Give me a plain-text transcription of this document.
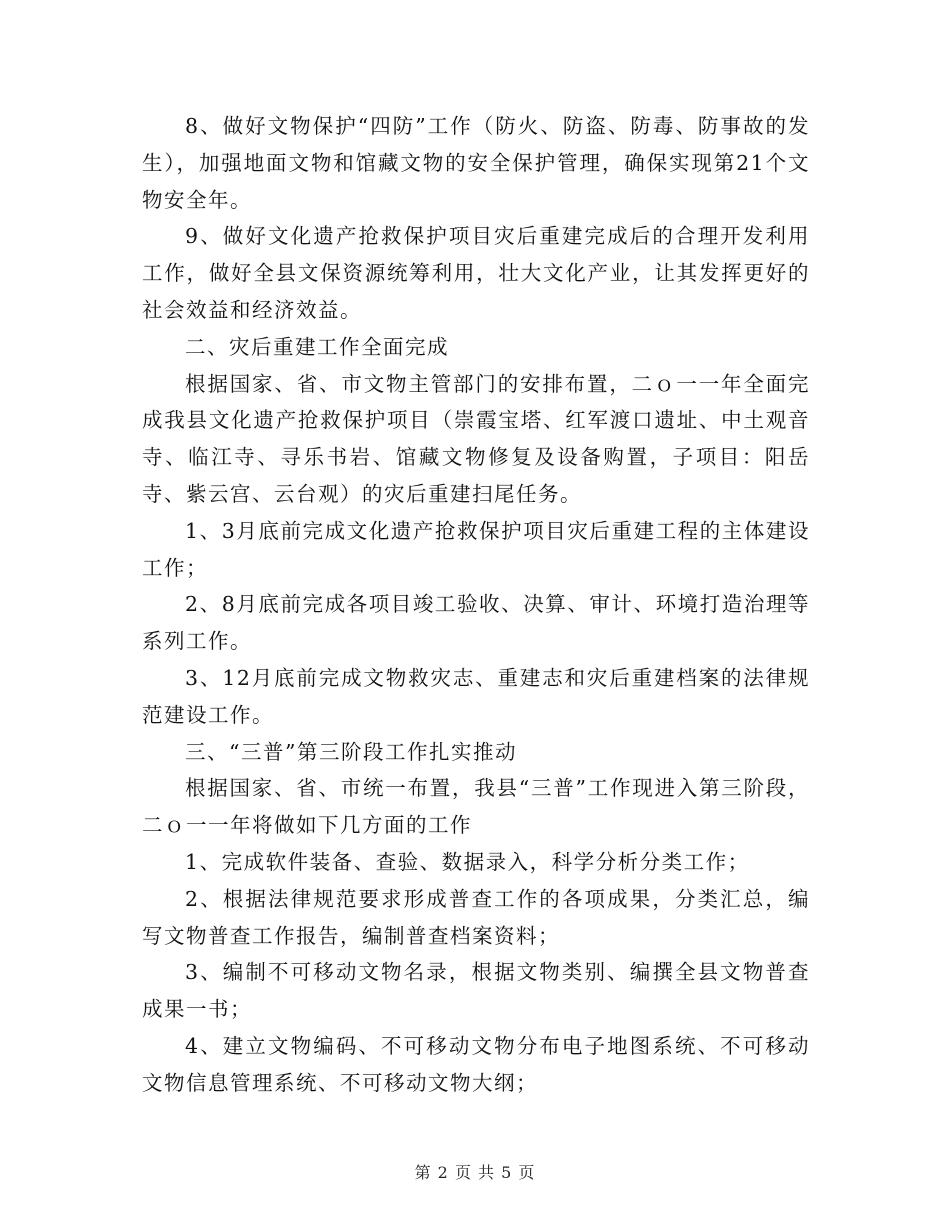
8、做好文物保护“四防”工作（防火、防盗、防毒、防事故的发生），加强地面文物和馆藏文物的安全保护管理，确保实现第21个文物安全年。

9、做好文化遗产抢救保护项目灾后重建完成后的合理开发利用工作，做好全县文保资源统筹利用，壮大文化产业，让其发挥更好的社会效益和经济效益。

二、灾后重建工作全面完成

根据国家、省、市文物主管部门的安排布置，二ｏ一一年全面完成我县文化遗产抢救保护项目（崇霞宝塔、红军渡口遗址、中土观音寺、临江寺、寻乐书岩、馆藏文物修复及设备购置，子项目：阳岳寺、紫云宫、云台观）的灾后重建扫尾任务。

1、3月底前完成文化遗产抢救保护项目灾后重建工程的主体建设工作；

2、8月底前完成各项目竣工验收、决算、审计、环境打造治理等系列工作。

3、12月底前完成文物救灾志、重建志和灾后重建档案的法律规范建设工作。

三、“三普”第三阶段工作扎实推动

根据国家、省、市统一布置，我县“三普”工作现进入第三阶段，二ｏ一一年将做如下几方面的工作

1、完成软件装备、查验、数据录入，科学分析分类工作；

2、根据法律规范要求形成普查工作的各项成果，分类汇总，编写文物普查工作报告，编制普查档案资料；

3、编制不可移动文物名录，根据文物类别、编撰全县文物普查成果一书；

4、建立文物编码、不可移动文物分布电子地图系统、不可移动文物信息管理系统、不可移动文物大纲；

第 2 页 共 5 页
